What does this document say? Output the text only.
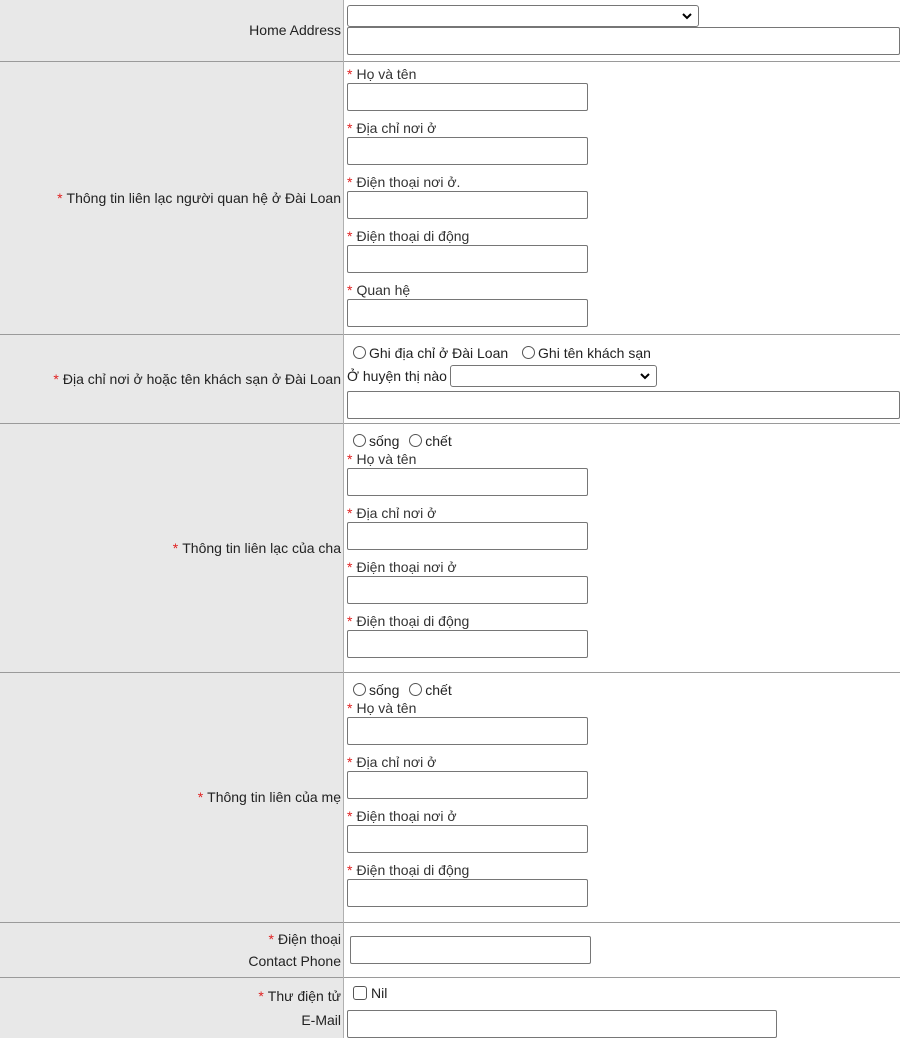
Home Address	

* Thông tin liên lạc người quan hệ ở Đài Loan	* Họ và tên
* Địa chỉ nơi ở
* Điện thoại nơi ở.
* Điện thoại di động
* Quan hệ

* Địa chỉ nơi ở hoặc tên khách sạn ở Đài Loan	Ghi địa chỉ ở Đài Loan Ghi tên khách sạn
Ở huyện thị nào

* Thông tin liên lạc của cha	sống chết
* Họ và tên
* Địa chỉ nơi ở
* Điện thoại nơi ở
* Điện thoại di động

* Thông tin liên của mẹ	sống chết
* Họ và tên
* Địa chỉ nơi ở
* Điện thoại nơi ở
* Điện thoại di động

* Điện thoại
Contact Phone

* Thư điện tử
E-Mail	Nil
